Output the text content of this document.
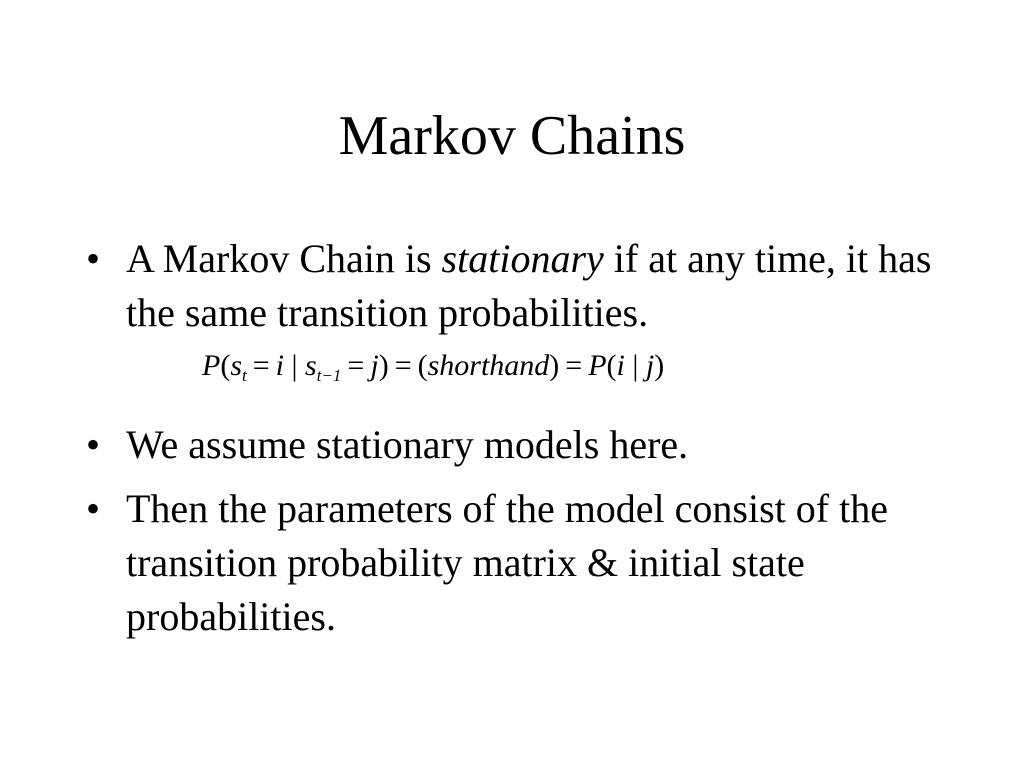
Markov Chains
• A Markov Chain is stationary if at any time, it has the same transition probabilities.
$P(s_t = i$ | $s_{t-1} = j$) = (shorthand) = P(i | j)
• We assume stationary models here.
• Then the parameters of the model consist of the transition probability matrix & initial state probabilities.
